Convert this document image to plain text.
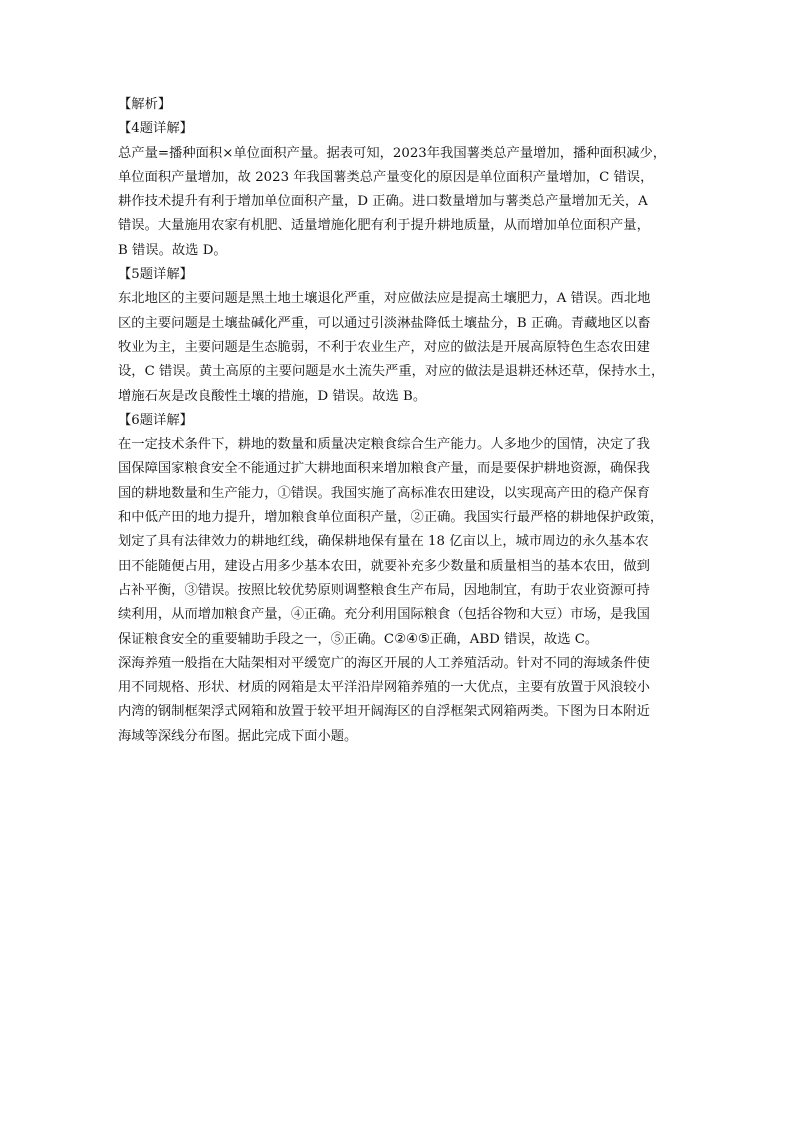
【解析】
【4题详解】
总产量=播种面积×单位面积产量。据表可知，2023年我国薯类总产量增加，播种面积减少，
单位面积产量增加，故 2023 年我国薯类总产量变化的原因是单位面积产量增加，C 错误，
耕作技术提升有利于增加单位面积产量，D 正确。进口数量增加与薯类总产量增加无关，A
错误。大量施用农家有机肥、适量增施化肥有利于提升耕地质量，从而增加单位面积产量，
B 错误。故选 D。
【5题详解】
东北地区的主要问题是黑土地土壤退化严重，对应做法应是提高土壤肥力，A 错误。西北地
区的主要问题是土壤盐碱化严重，可以通过引淡淋盐降低土壤盐分，B 正确。青藏地区以畜
牧业为主，主要问题是生态脆弱，不利于农业生产，对应的做法是开展高原特色生态农田建
设，C 错误。黄土高原的主要问题是水土流失严重，对应的做法是退耕还林还草，保持水土，
增施石灰是改良酸性土壤的措施，D 错误。故选 B。
【6题详解】
在一定技术条件下，耕地的数量和质量决定粮食综合生产能力。人多地少的国情，决定了我
国保障国家粮食安全不能通过扩大耕地面积来增加粮食产量，而是要保护耕地资源，确保我
国的耕地数量和生产能力，①错误。我国实施了高标准农田建设，以实现高产田的稳产保育
和中低产田的地力提升，增加粮食单位面积产量，②正确。我国实行最严格的耕地保护政策，
划定了具有法律效力的耕地红线，确保耕地保有量在 18 亿亩以上，城市周边的永久基本农
田不能随便占用，建设占用多少基本农田，就要补充多少数量和质量相当的基本农田，做到
占补平衡，③错误。按照比较优势原则调整粮食生产布局，因地制宜，有助于农业资源可持
续利用，从而增加粮食产量，④正确。充分利用国际粮食（包括谷物和大豆）市场，是我国
保证粮食安全的重要辅助手段之一，⑤正确。C②④⑤正确，ABD 错误，故选 C。
深海养殖一般指在大陆架相对平缓宽广的海区开展的人工养殖活动。针对不同的海域条件使
用不同规格、形状、材质的网箱是太平洋沿岸网箱养殖的一大优点，主要有放置于风浪较小
内湾的钢制框架浮式网箱和放置于较平坦开阔海区的自浮框架式网箱两类。下图为日本附近
海域等深线分布图。据此完成下面小题。
